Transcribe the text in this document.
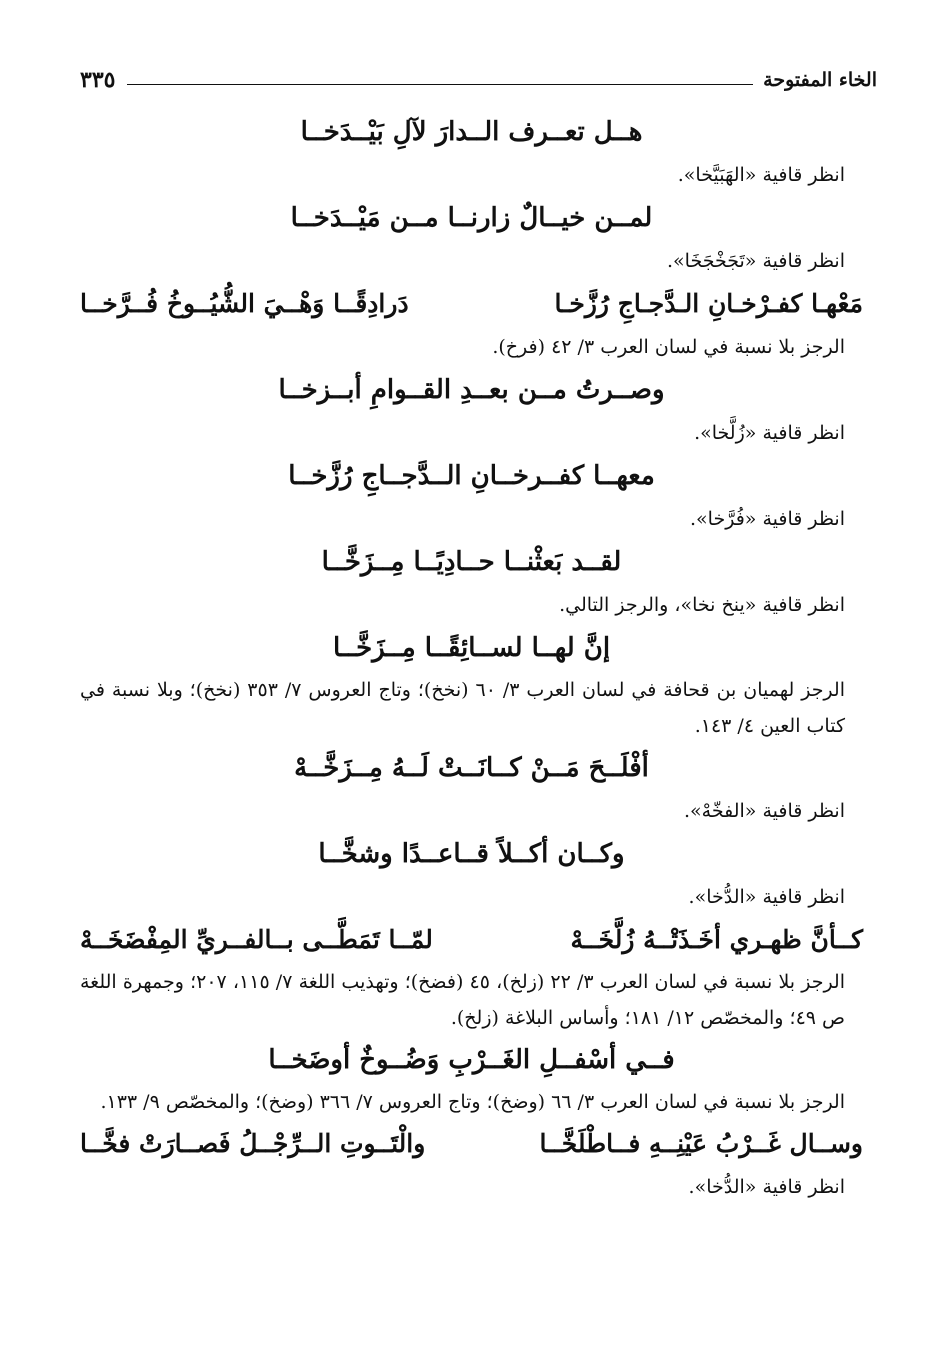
الخاء المفتوحة
٣٣٥
هــل تعــرف الــدارَ لآلِ بَيْــدَخــا
انظر قافية «الهَبَيَّخا».
لمــن خيــالٌ زارنــا مــن مَيْــدَخــا
انظر قافية «تَجَخْجَخَا».
مَعْهـا كفـرْخـانِ الـدَّجـاجِ رُزَّخـا
دَرادِقًــا وَهْــيَ الشُّيُــوخُ فُــرَّخــا
الرجز بلا نسبة في لسان العرب ٣/ ٤٢ (فرخ).
وصــرتُ مــن بعــدِ القــوامِ أبــزخــا
انظر قافية «زُلَّخا».
معهــا كفــرخــانِ الــدَّجــاجِ رُزَّخــا
انظر قافية «فُرَّخا».
لقــد بَعثْنــا حــادِيًــا مِــزَخَّــا
انظر قافية «ينخ نخا»، والرجز التالي.
إنَّ لهــا لســائِقًــا مِــزَخَّــا
الرجز لهميان بن قحافة في لسان العرب ٣/ ٦٠ (نخخ)؛ وتاج العروس ٧/ ٣٥٣ (نخخ)؛ وبلا نسبة في كتاب العين ٤/ ١٤٣.
أفْلَــحَ مَــنْ كــانَــتْ لَــهُ مِــزَخَّــهْ
انظر قافية «الفخّهْ».
وكــان أكــلاً قــاعــدًا وشخَّــا
انظر قافية «الدُّخا».
كــأنَّ ظهـري أخَـذَتْــهُ زُلَّخَــهْ
لمّــا تَمَطَّــى بــالفــريِّ المِفْضَخَــهْ
الرجز بلا نسبة في لسان العرب ٣/ ٢٢ (زلخ)، ٤٥ (فضخ)؛ وتهذيب اللغة ٧/ ١١٥، ٢٠٧؛ وجمهرة اللغة ص ٤٩؛ والمخصّص ١٢/ ١٨١؛ وأساس البلاغة (زلخ).
فــي أسْفــلِ الغَــرْبِ وَضُــوخٌ أوضَخــا
الرجز بلا نسبة في لسان العرب ٣/ ٦٦ (وضخ)؛ وتاج العروس ٧/ ٣٦٦ (وضخ)؛ والمخصّص ٩/ ١٣٣.
وســال غَــرْبُ عَيْنِــهِ فــاطْلَخَّــا
والْتَــوتِ الــرِّجْــلُ فَصــارَتْ فخَّــا
انظر قافية «الدُّخا».
